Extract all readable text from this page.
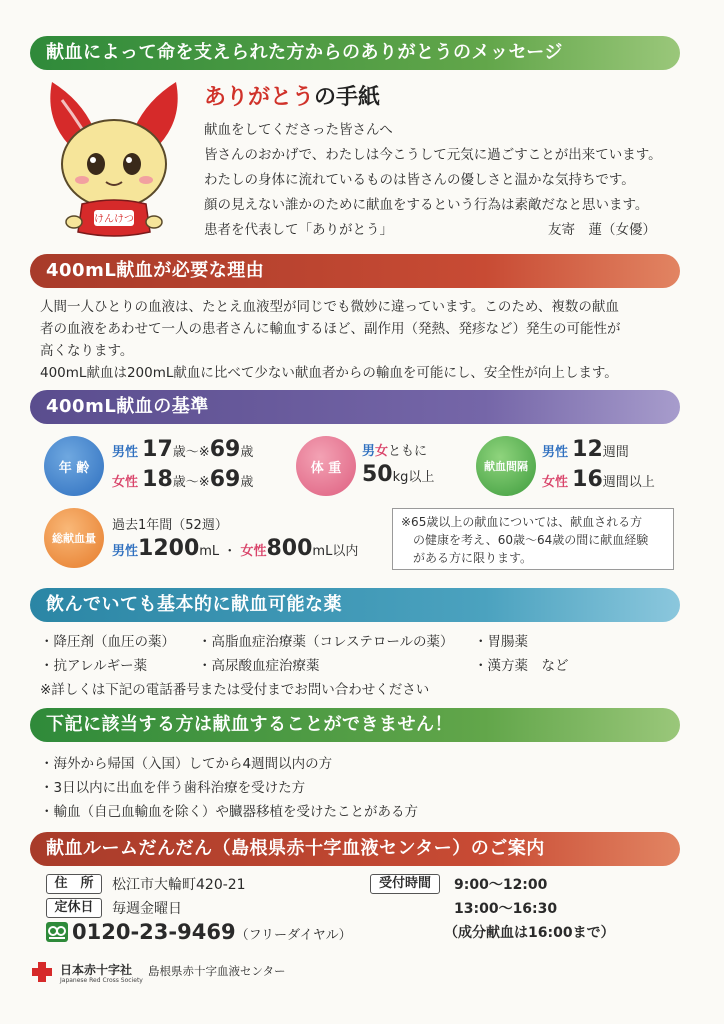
献血によって命を支えられた方からのありがとうのメッセージ
けんけつ
ありがとうの手紙
献血をしてくださった皆さんへ
皆さんのおかげで、わたしは今こうして元気に過ごすことが出来ています。
わたしの身体に流れているものは皆さんの優しさと温かな気持ちです。
顔の見えない誰かのために献血をするという行為は素敵だなと思います。
患者を代表して「ありがとう」	友寄　蓮（女優）
400mL献血が必要な理由
人間一人ひとりの血液は、たとえ血液型が同じでも微妙に違っています。このため、複数の献血
者の血液をあわせて一人の患者さんに輸血するほど、副作用（発熱、発疹など）発生の可能性が
高くなります。
400mL献血は200mL献血に比べて少ない献血者からの輸血を可能にし、安全性が向上します。
400mL献血の基準
年 齢
男性 17歳～※69歳
女性 18歳～※69歳
体 重
男女ともに
50kg以上
献血間隔
男性 12週間
女性 16週間以上
総献血量
過去1年間（52週）
男性1200mL ・ 女性800mL以内
※65歳以上の献血については、献血される方
　の健康を考え、60歳～64歳の間に献血経験
　がある方に限ります。
飲んでいても基本的に献血可能な薬
・降圧剤（血圧の薬） ・高脂血症治療薬（コレステロールの薬） ・胃腸薬
・抗アレルギー薬	・高尿酸血症治療薬	・漢方薬　など
※詳しくは下記の電話番号または受付までお問い合わせください
下記に該当する方は献血することができません！
・海外から帰国（入国）してから4週間以内の方
・3日以内に出血を伴う歯科治療を受けた方
・輸血（自己血輸血を除く）や臓器移植を受けたことがある方
献血ルームだんだん（島根県赤十字血液センター）のご案内
住　所	松江市大輪町420-21
定休日	毎週金曜日
0120-23-9469（フリーダイヤル）
受付時間	9:00～12:00
13:00～16:30
（成分献血は16:00まで）
日本赤十字社
Japanese Red Cross Society
島根県赤十字血液センター
